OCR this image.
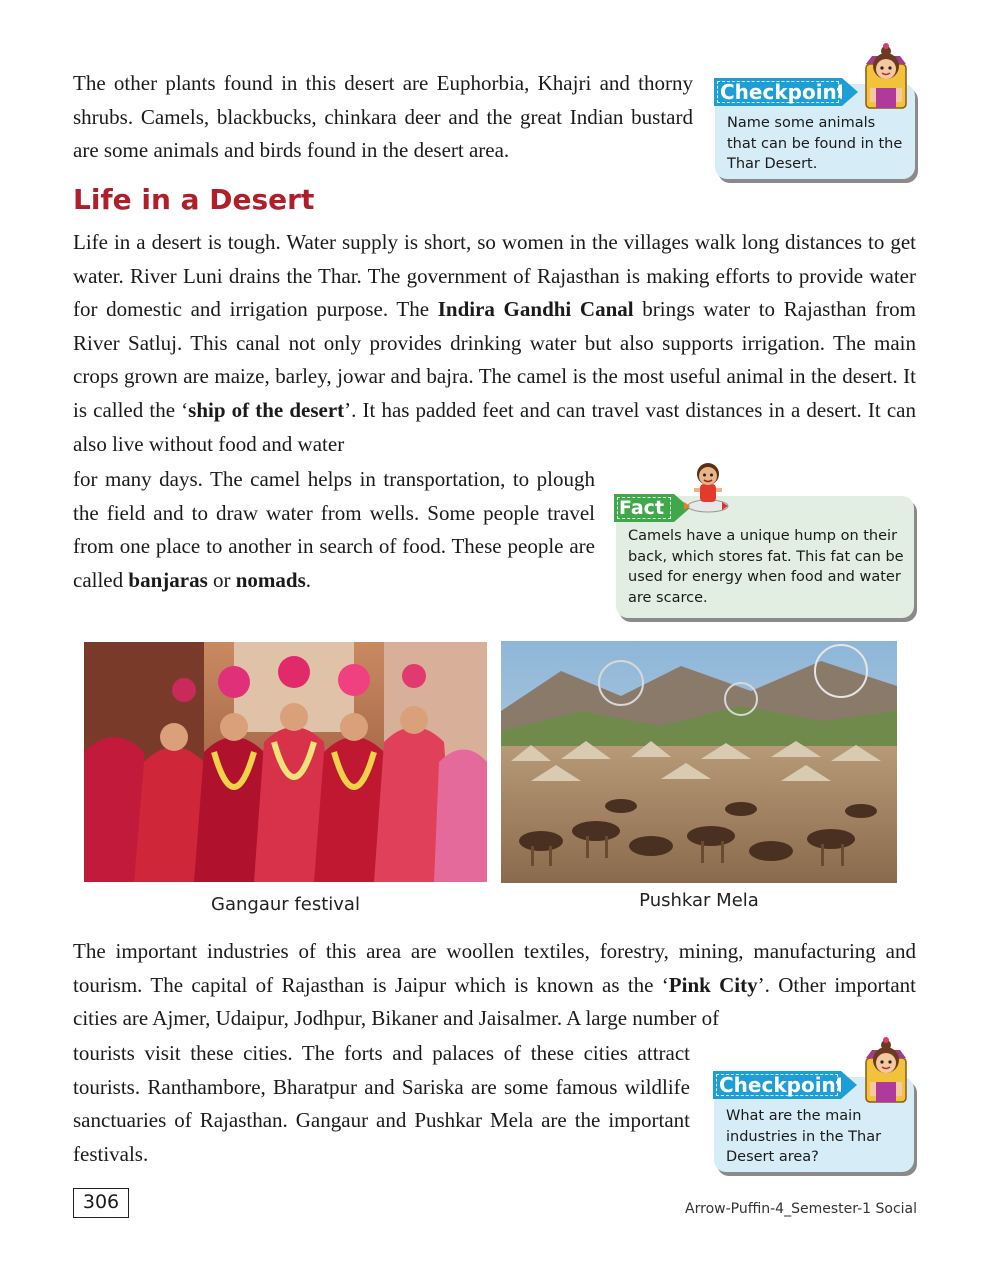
The other plants found in this desert are Euphorbia, Khajri and thorny shrubs. Camels, blackbucks, chinkara deer and the great Indian bustard are some animals and birds found in the desert area.

Name some animals that can be found in the Thar Desert.

Checkpoint
Life in a Desert

Life in a desert is tough. Water supply is short, so women in the villages walk long distances to get water. River Luni drains the Thar. The government of Rajasthan is making efforts to provide water for domestic and irrigation purpose. The Indira Gandhi Canal brings water to Rajasthan from River Satluj. This canal not only provides drinking water but also supports irrigation. The main crops grown are maize, barley, jowar and bajra. The camel is the most useful animal in the desert. It is called the ‘ship of the desert’. It has padded feet and can travel vast distances in a desert. It can also live without food and water

for many days. The camel helps in transportation, to plough the field and to draw water from wells. Some people travel from one place to another in search of food. These people are called banjaras or nomads.

Camels have a unique hump on their back, which stores fat. This fat can be used for energy when food and water are scarce.

Fact

Gangaur festival	Pushkar Mela

The important industries of this area are woollen textiles, forestry, mining, manufacturing and tourism. The capital of Rajasthan is Jaipur which is known as the ‘Pink City’. Other important cities are Ajmer, Udaipur, Jodhpur, Bikaner and Jaisalmer. A large number of

tourists visit these cities. The forts and palaces of these cities attract tourists. Ranthambore, Bharatpur and Sariska are some famous wildlife sanctuaries of Rajasthan. Gangaur and Pushkar Mela are the important festivals.

What are the main industries in the Thar Desert area?

Checkpoint
306	Arrow-Puffin-4_Semester-1 Social
